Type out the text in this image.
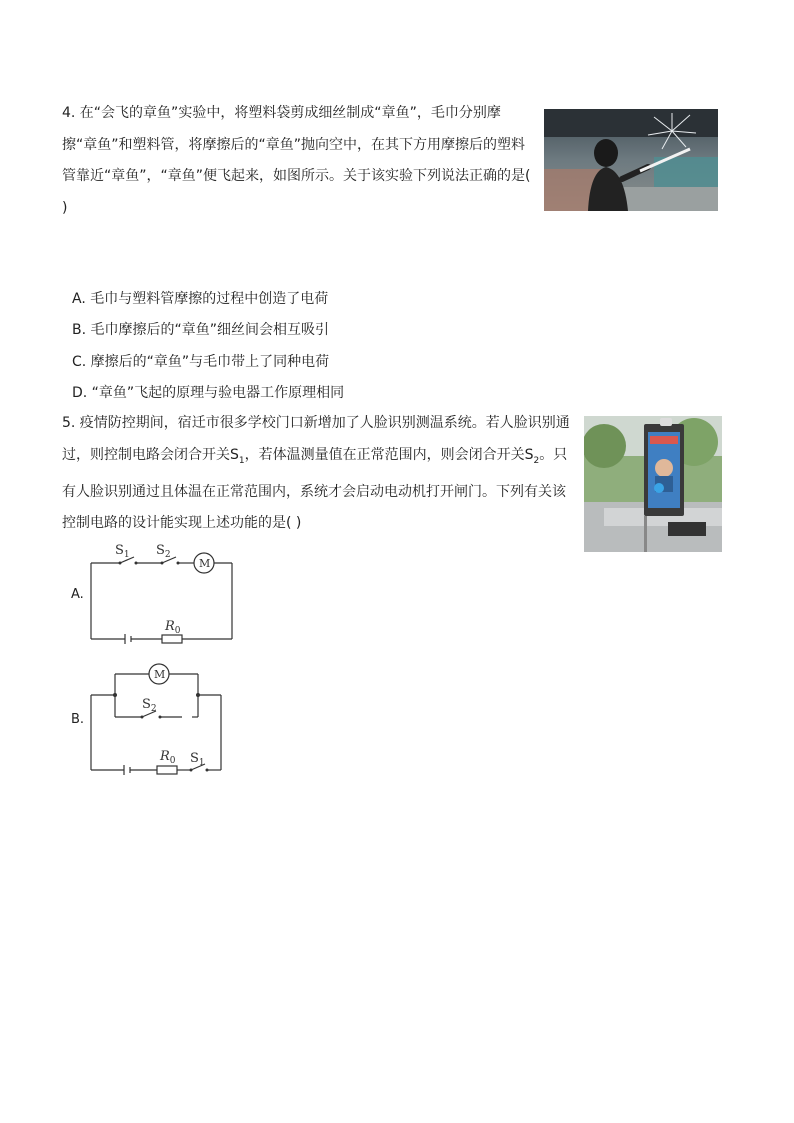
4. 在“会飞的章鱼”实验中，将塑料袋剪成细丝制成“章鱼”，毛巾分别摩擦“章鱼”和塑料管，将摩擦后的“章鱼”抛向空中，在其下方用摩擦后的塑料管靠近“章鱼”，“章鱼”便飞起来，如图所示。关于该实验下列说法正确的是( )
A. 毛巾与塑料管摩擦的过程中创造了电荷
B. 毛巾摩擦后的“章鱼”细丝间会相互吸引
C. 摩擦后的“章鱼”与毛巾带上了同种电荷
D. “章鱼”飞起的原理与验电器工作原理相同
5. 疫情防控期间，宿迁市很多学校门口新增加了人脸识别测温系统。若人脸识别通过，则控制电路会闭合开关$S_1$，若体温测量值在正常范围内，则会闭合开关$S_2$。只有人脸识别通过且体温在正常范围内，系统才会启动电动机打开闸门。下列有关该控制电路的设计能实现上述功能的是( )
A.
$S_1$ $S_2$
M
$R_0$
B.
M
$S_2$
$R_0$ $S_1$
